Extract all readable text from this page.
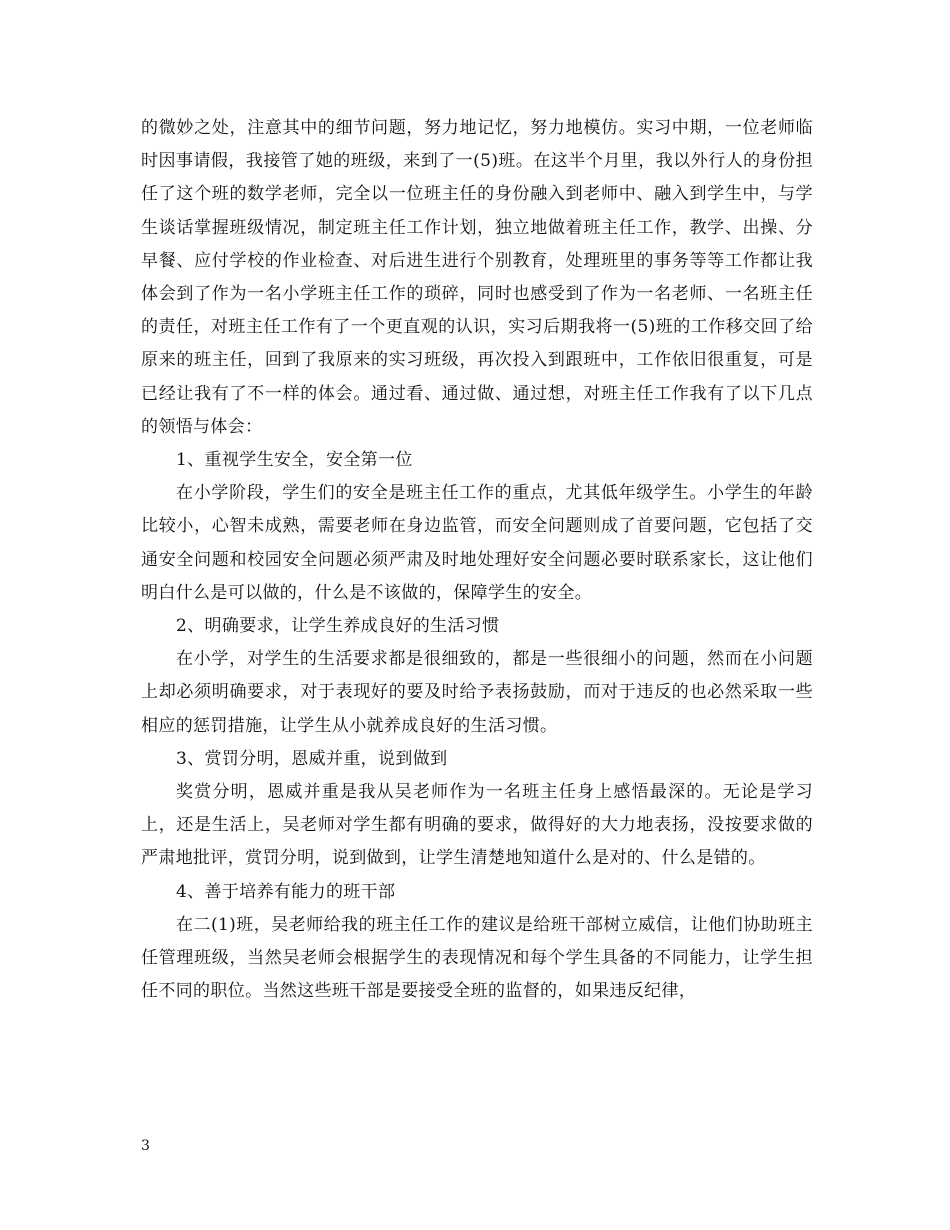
的微妙之处，注意其中的细节问题，努力地记忆，努力地模仿。实习中期，一位老师临时因事请假，我接管了她的班级，来到了一(5)班。在这半个月里，我以外行人的身份担任了这个班的数学老师，完全以一位班主任的身份融入到老师中、融入到学生中，与学生谈话掌握班级情况，制定班主任工作计划，独立地做着班主任工作，教学、出操、分早餐、应付学校的作业检查、对后进生进行个别教育，处理班里的事务等等工作都让我体会到了作为一名小学班主任工作的琐碎，同时也感受到了作为一名老师、一名班主任的责任，对班主任工作有了一个更直观的认识，实习后期我将一(5)班的工作移交回了给原来的班主任，回到了我原来的实习班级，再次投入到跟班中，工作依旧很重复，可是已经让我有了不一样的体会。通过看、通过做、通过想，对班主任工作我有了以下几点的领悟与体会：

1、重视学生安全，安全第一位

在小学阶段，学生们的安全是班主任工作的重点，尤其低年级学生。小学生的年龄比较小，心智未成熟，需要老师在身边监管，而安全问题则成了首要问题，它包括了交通安全问题和校园安全问题必须严肃及时地处理好安全问题必要时联系家长，这让他们明白什么是可以做的，什么是不该做的，保障学生的安全。

2、明确要求，让学生养成良好的生活习惯

在小学，对学生的生活要求都是很细致的，都是一些很细小的问题，然而在小问题上却必须明确要求，对于表现好的要及时给予表扬鼓励，而对于违反的也必然采取一些相应的惩罚措施，让学生从小就养成良好的生活习惯。

3、赏罚分明，恩威并重，说到做到

奖赏分明，恩威并重是我从吴老师作为一名班主任身上感悟最深的。无论是学习上，还是生活上，吴老师对学生都有明确的要求，做得好的大力地表扬，没按要求做的严肃地批评，赏罚分明，说到做到，让学生清楚地知道什么是对的、什么是错的。

4、善于培养有能力的班干部

在二(1)班，吴老师给我的班主任工作的建议是给班干部树立威信，让他们协助班主任管理班级，当然吴老师会根据学生的表现情况和每个学生具备的不同能力，让学生担任不同的职位。当然这些班干部是要接受全班的监督的，如果违反纪律，

3
